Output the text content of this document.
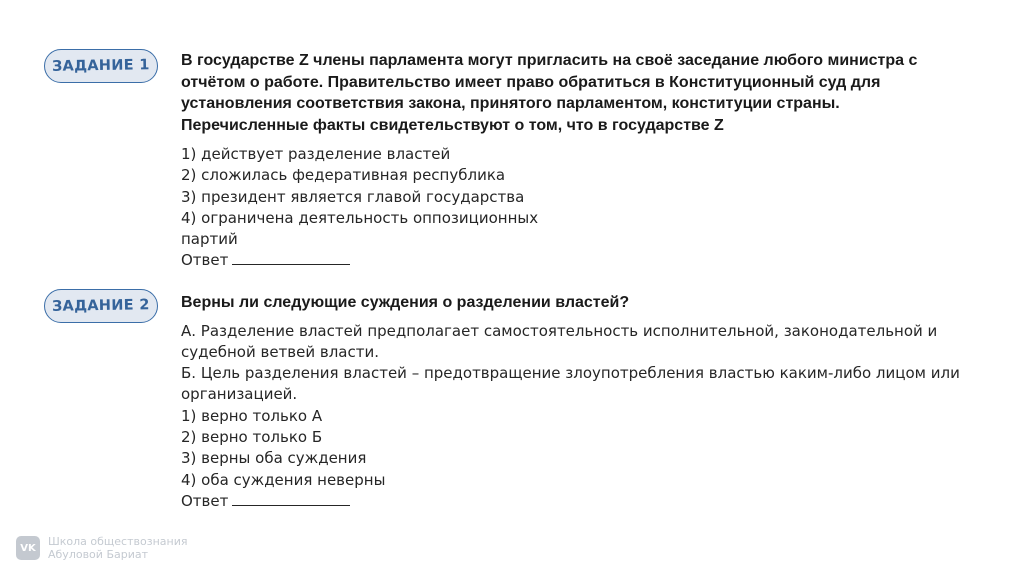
ЗАДАНИЕ 1 В государстве Z члены парламента могут пригласить на своё заседание любого министра с
отчётом о работе. Правительство имеет право обратиться в Конституционный суд для
установления соответствия закона, принятого парламентом, конституции страны.
Перечисленные факты свидетельствуют о том, что в государстве Z
1) действует разделение властей
2) сложилась федеративная республика
3) президент является главой государства
4) ограничена деятельность оппозиционных
партий
Ответ
ЗАДАНИЕ 2 Верны ли следующие суждения о разделении властей?
А. Разделение властей предполагает самостоятельность исполнительной, законодательной и
судебной ветвей власти.
Б. Цель разделения властей – предотвращение злоупотребления властью каким-либо лицом или
организацией.
1) верно только А
2) верно только Б
3) верны оба суждения
4) оба суждения неверны
Ответ
VK	Школа обществознания
Абуловой Бариат
